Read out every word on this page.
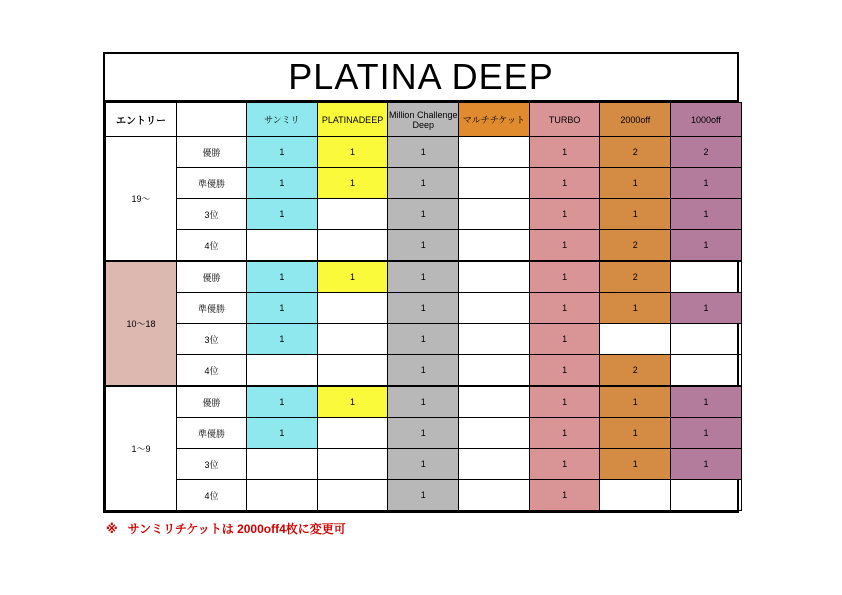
PLATINA DEEP
エントリー		サンミリ	PLATINADEEP	Million Challenge Deep	マルチチケット	TURBO	2000off	1000off
19～	優勝	1	1	1		1	2	2
	準優勝	1	1	1		1	1	1
	3位	1		1		1	1	1
	4位			1		1	2	1
10～18	優勝	1	1	1		1	2	
	準優勝	1		1		1	1	1
	3位	1		1		1		
	4位			1		1	2	
1～9	優勝	1	1	1		1	1	1
	準優勝	1		1		1	1	1
	3位			1		1	1	1
	4位			1		1		
※ サンミリチケットは 2000off4枚に変更可
